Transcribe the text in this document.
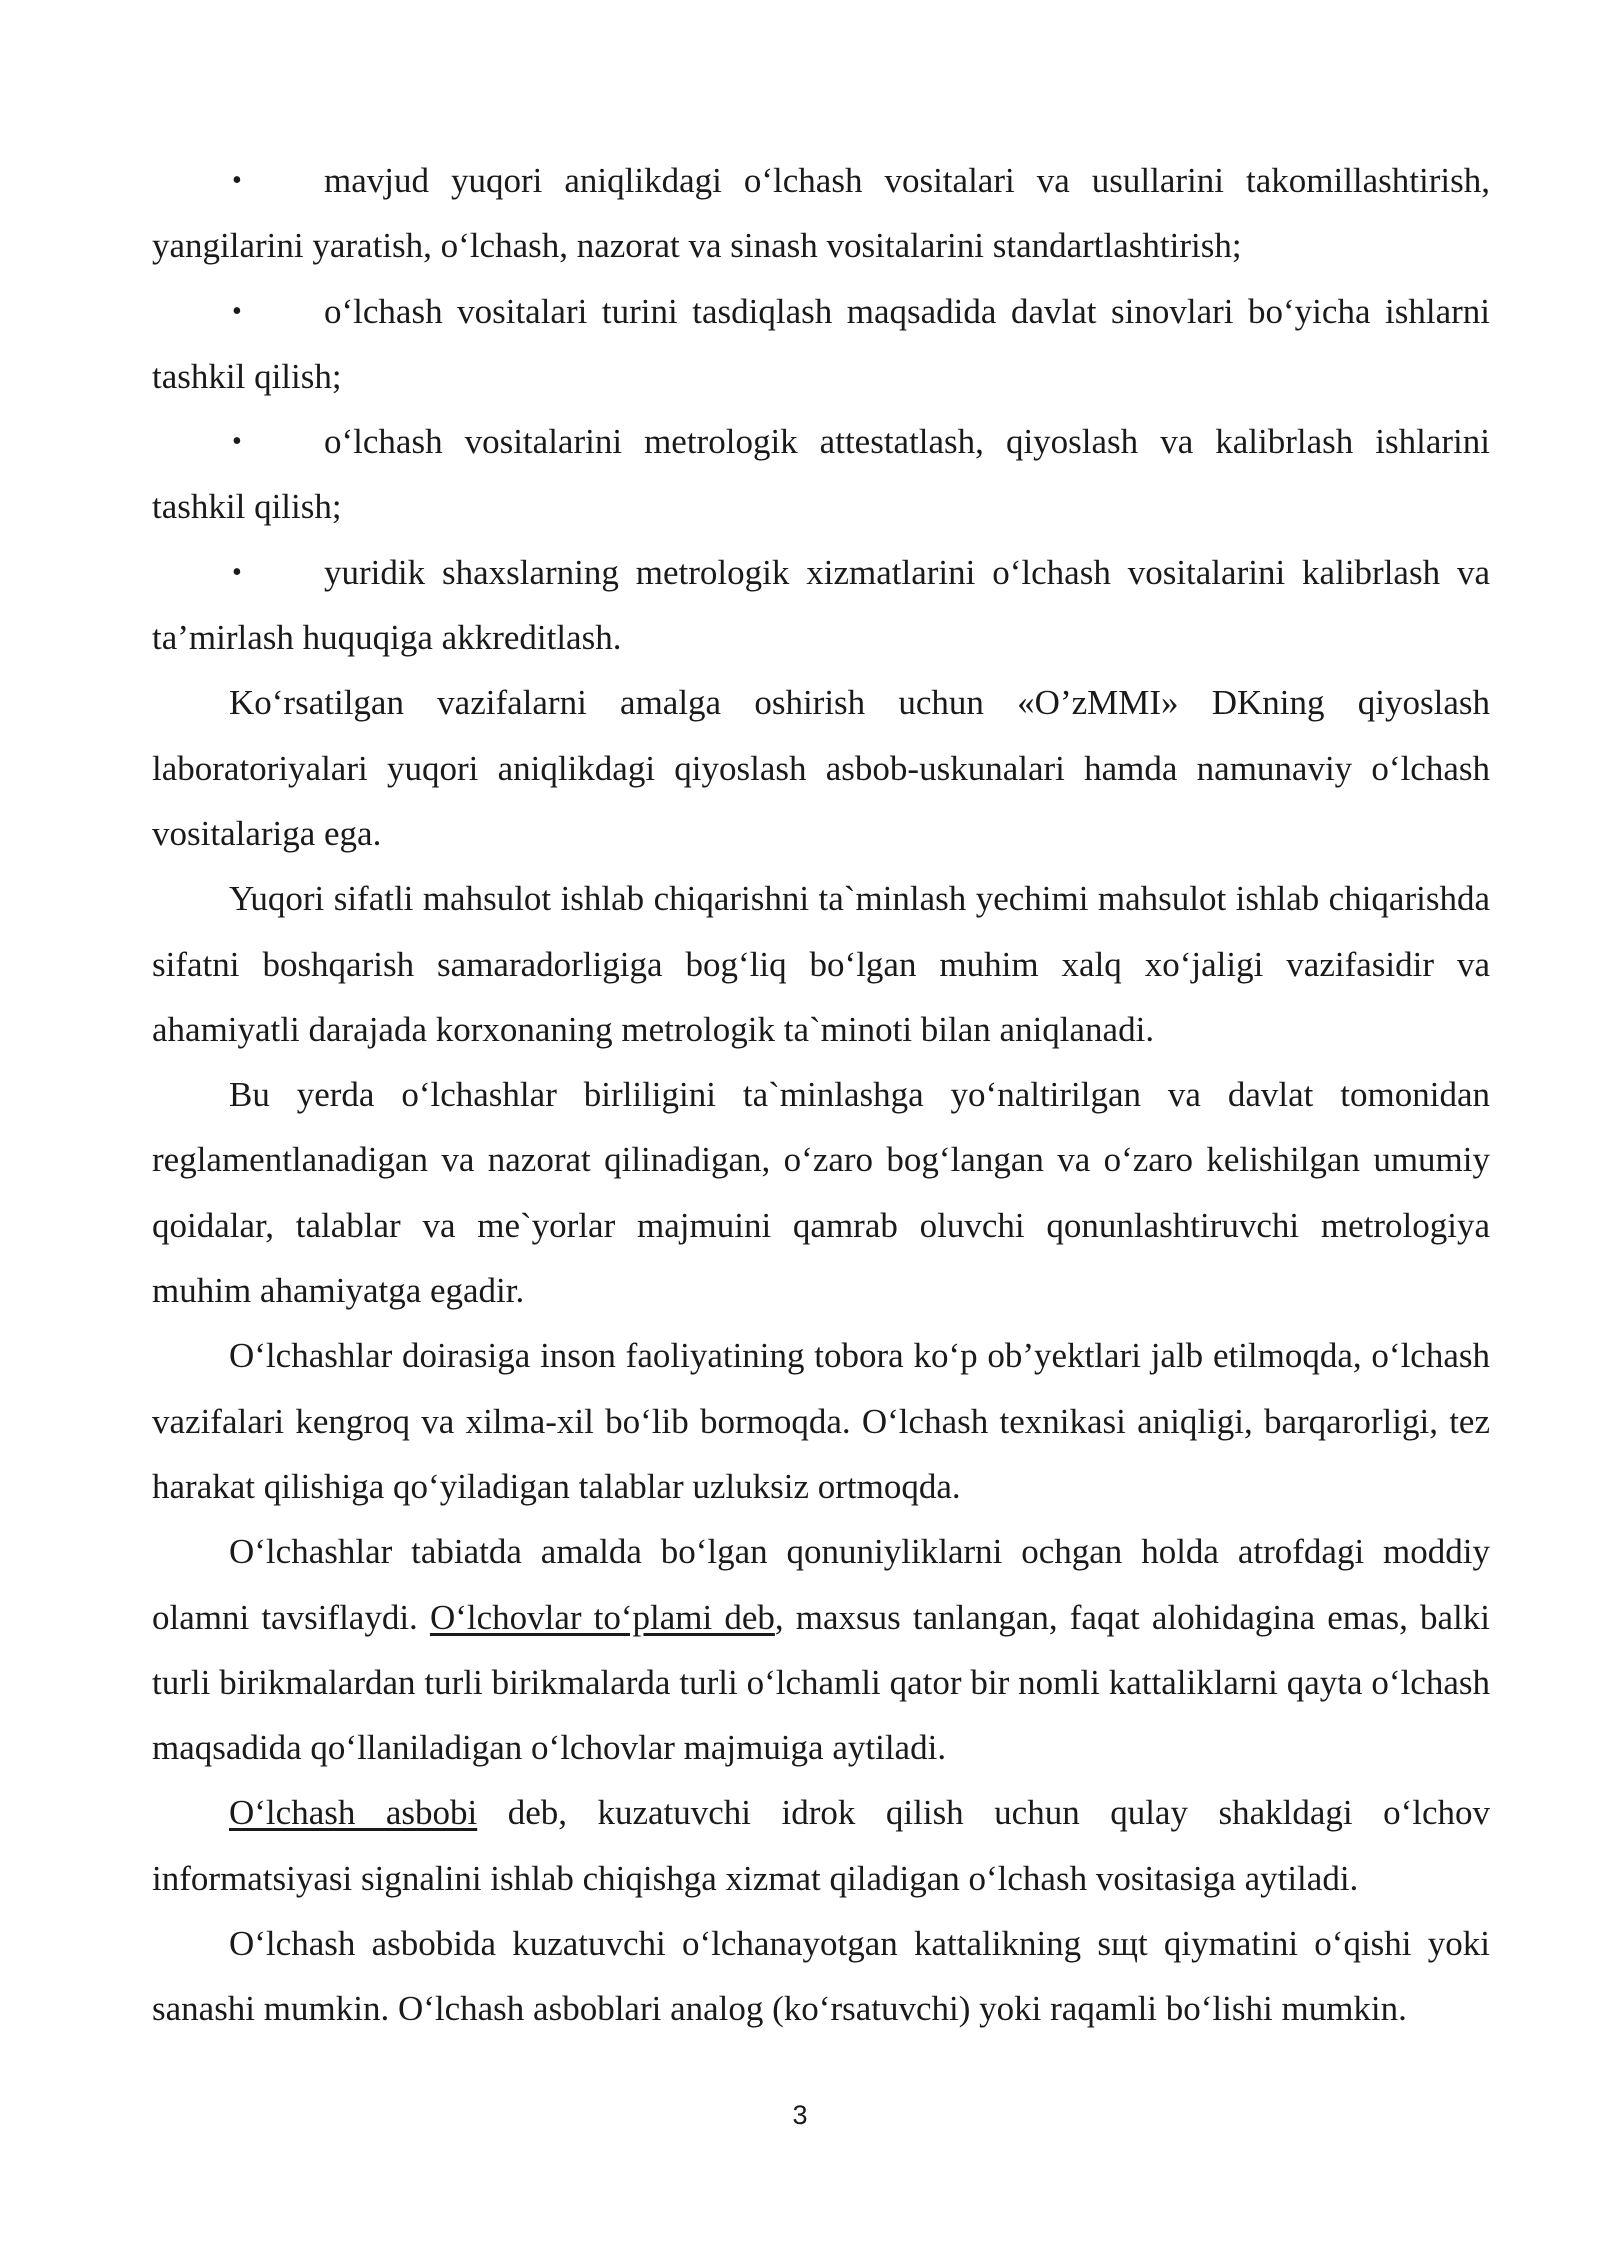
• mavjud yuqori aniqlikdagi o‘lchash vositalari va usullarini takomillashtirish, yangilarini yaratish, o‘lchash, nazorat va sinash vositalarini standartlashtirish;
• o‘lchash vositalari turini tasdiqlash maqsadida davlat sinovlari bo‘yicha ishlarni tashkil qilish;
• o‘lchash vositalarini metrologik attestatlash, qiyoslash va kalibrlash ishlarini tashkil qilish;
• yuridik shaxslarning metrologik xizmatlarini o‘lchash vositalarini kalibrlash va ta’mirlash huquqiga akkreditlash.

Ko‘rsatilgan vazifalarni amalga oshirish uchun «O’zMMI» DKning qiyoslash laboratoriyalari yuqori aniqlikdagi qiyoslash asbob-uskunalari hamda namunaviy o‘lchash vositalariga ega.

Yuqori sifatli mahsulot ishlab chiqarishni ta`minlash yechimi mahsulot ishlab chiqarishda sifatni boshqarish samaradorligiga bog‘liq bo‘lgan muhim xalq xo‘jaligi vazifasidir va ahamiyatli darajada korxonaning metrologik ta`minoti bilan aniqlanadi.

Bu yerda o‘lchashlar birliligini ta`minlashga yo‘naltirilgan va davlat tomonidan reglamentlanadigan va nazorat qilinadigan, o‘zaro bog‘langan va o‘zaro kelishilgan umumiy qoidalar, talablar va me`yorlar majmuini qamrab oluvchi qonunlashtiruvchi metrologiya muhim ahamiyatga egadir.

O‘lchashlar doirasiga inson faoliyatining tobora ko‘p ob’yektlari jalb etilmoqda, o‘lchash vazifalari kengroq va xilma-xil bo‘lib bormoqda. O‘lchash texnikasi aniqligi, barqarorligi, tez harakat qilishiga qo‘yiladigan talablar uzluksiz ortmoqda.

O‘lchashlar tabiatda amalda bo‘lgan qonuniyliklarni ochgan holda atrofdagi moddiy olamni tavsiflaydi. O‘lchovlar to‘plami deb, maxsus tanlangan, faqat alohidagina emas, balki turli birikmalardan turli birikmalarda turli o‘lchamli qator bir nomli kattaliklarni qayta o‘lchash maqsadida qo‘llaniladigan o‘lchovlar majmuiga aytiladi.

O‘lchash asbobi deb, kuzatuvchi idrok qilish uchun qulay shakldagi o‘lchov informatsiyasi signalini ishlab chiqishga xizmat qiladigan o‘lchash vositasiga aytiladi.

O‘lchash asbobida kuzatuvchi o‘lchanayotgan kattalikning sщt qiymatini o‘qishi yoki sanashi mumkin. O‘lchash asboblari analog (ko‘rsatuvchi) yoki raqamli bo‘lishi mumkin.

3
